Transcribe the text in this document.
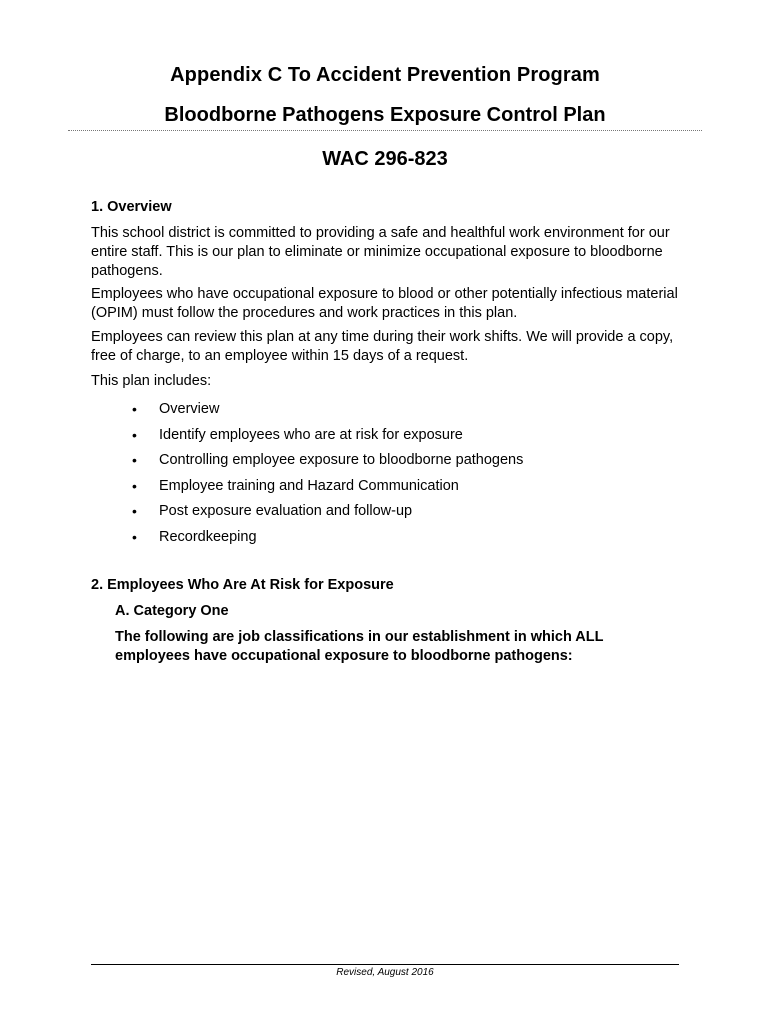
Appendix C To Accident Prevention Program
Bloodborne Pathogens Exposure Control Plan
WAC 296-823
1. Overview
This school district is committed to providing a safe and healthful work environment for our entire staff. This is our plan to eliminate or minimize occupational exposure to bloodborne pathogens.
Employees who have occupational exposure to blood or other potentially infectious material (OPIM) must follow the procedures and work practices in this plan.
Employees can review this plan at any time during their work shifts. We will provide a copy, free of charge, to an employee within 15 days of a request.
This plan includes:
• Overview
• Identify employees who are at risk for exposure
• Controlling employee exposure to bloodborne pathogens
• Employee training and Hazard Communication
• Post exposure evaluation and follow-up
• Recordkeeping
2. Employees Who Are At Risk for Exposure
A. Category One
The following are job classifications in our establishment in which ALL employees have occupational exposure to bloodborne pathogens:
Revised, August 2016
